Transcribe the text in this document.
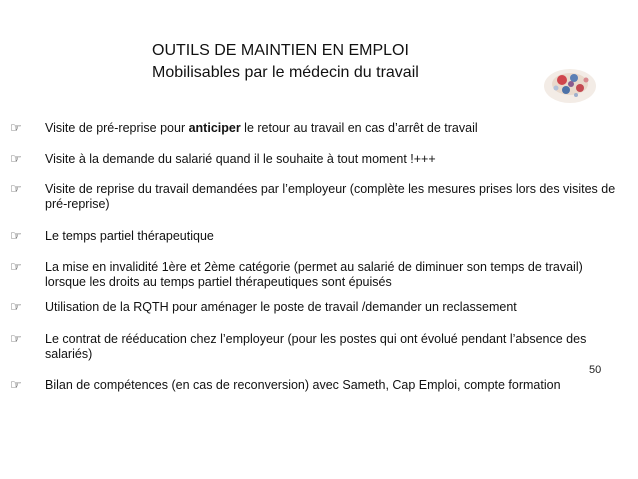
OUTILS DE MAINTIEN EN EMPLOI
Mobilisables par le médecin du travail
☞ Visite de pré-reprise pour anticiper le retour au travail en cas d’arrêt de travail
☞ Visite à la demande du salarié quand il le souhaite à tout moment !+++
☞ Visite de reprise du travail demandées par l’employeur (complète les mesures prises lors des visites de pré-reprise)
☞ Le temps partiel thérapeutique
☞ La mise en invalidité 1ère et 2ème catégorie (permet au salarié de diminuer son temps de travail) lorsque les droits au temps partiel thérapeutiques sont épuisés
☞ Utilisation de la RQTH pour aménager le poste de travail /demander un reclassement
☞ Le contrat de rééducation chez l’employeur (pour les postes qui ont évolué pendant l’absence des salariés)
☞ Bilan de compétences (en cas de reconversion) avec Sameth, Cap Emploi, compte formation
50
